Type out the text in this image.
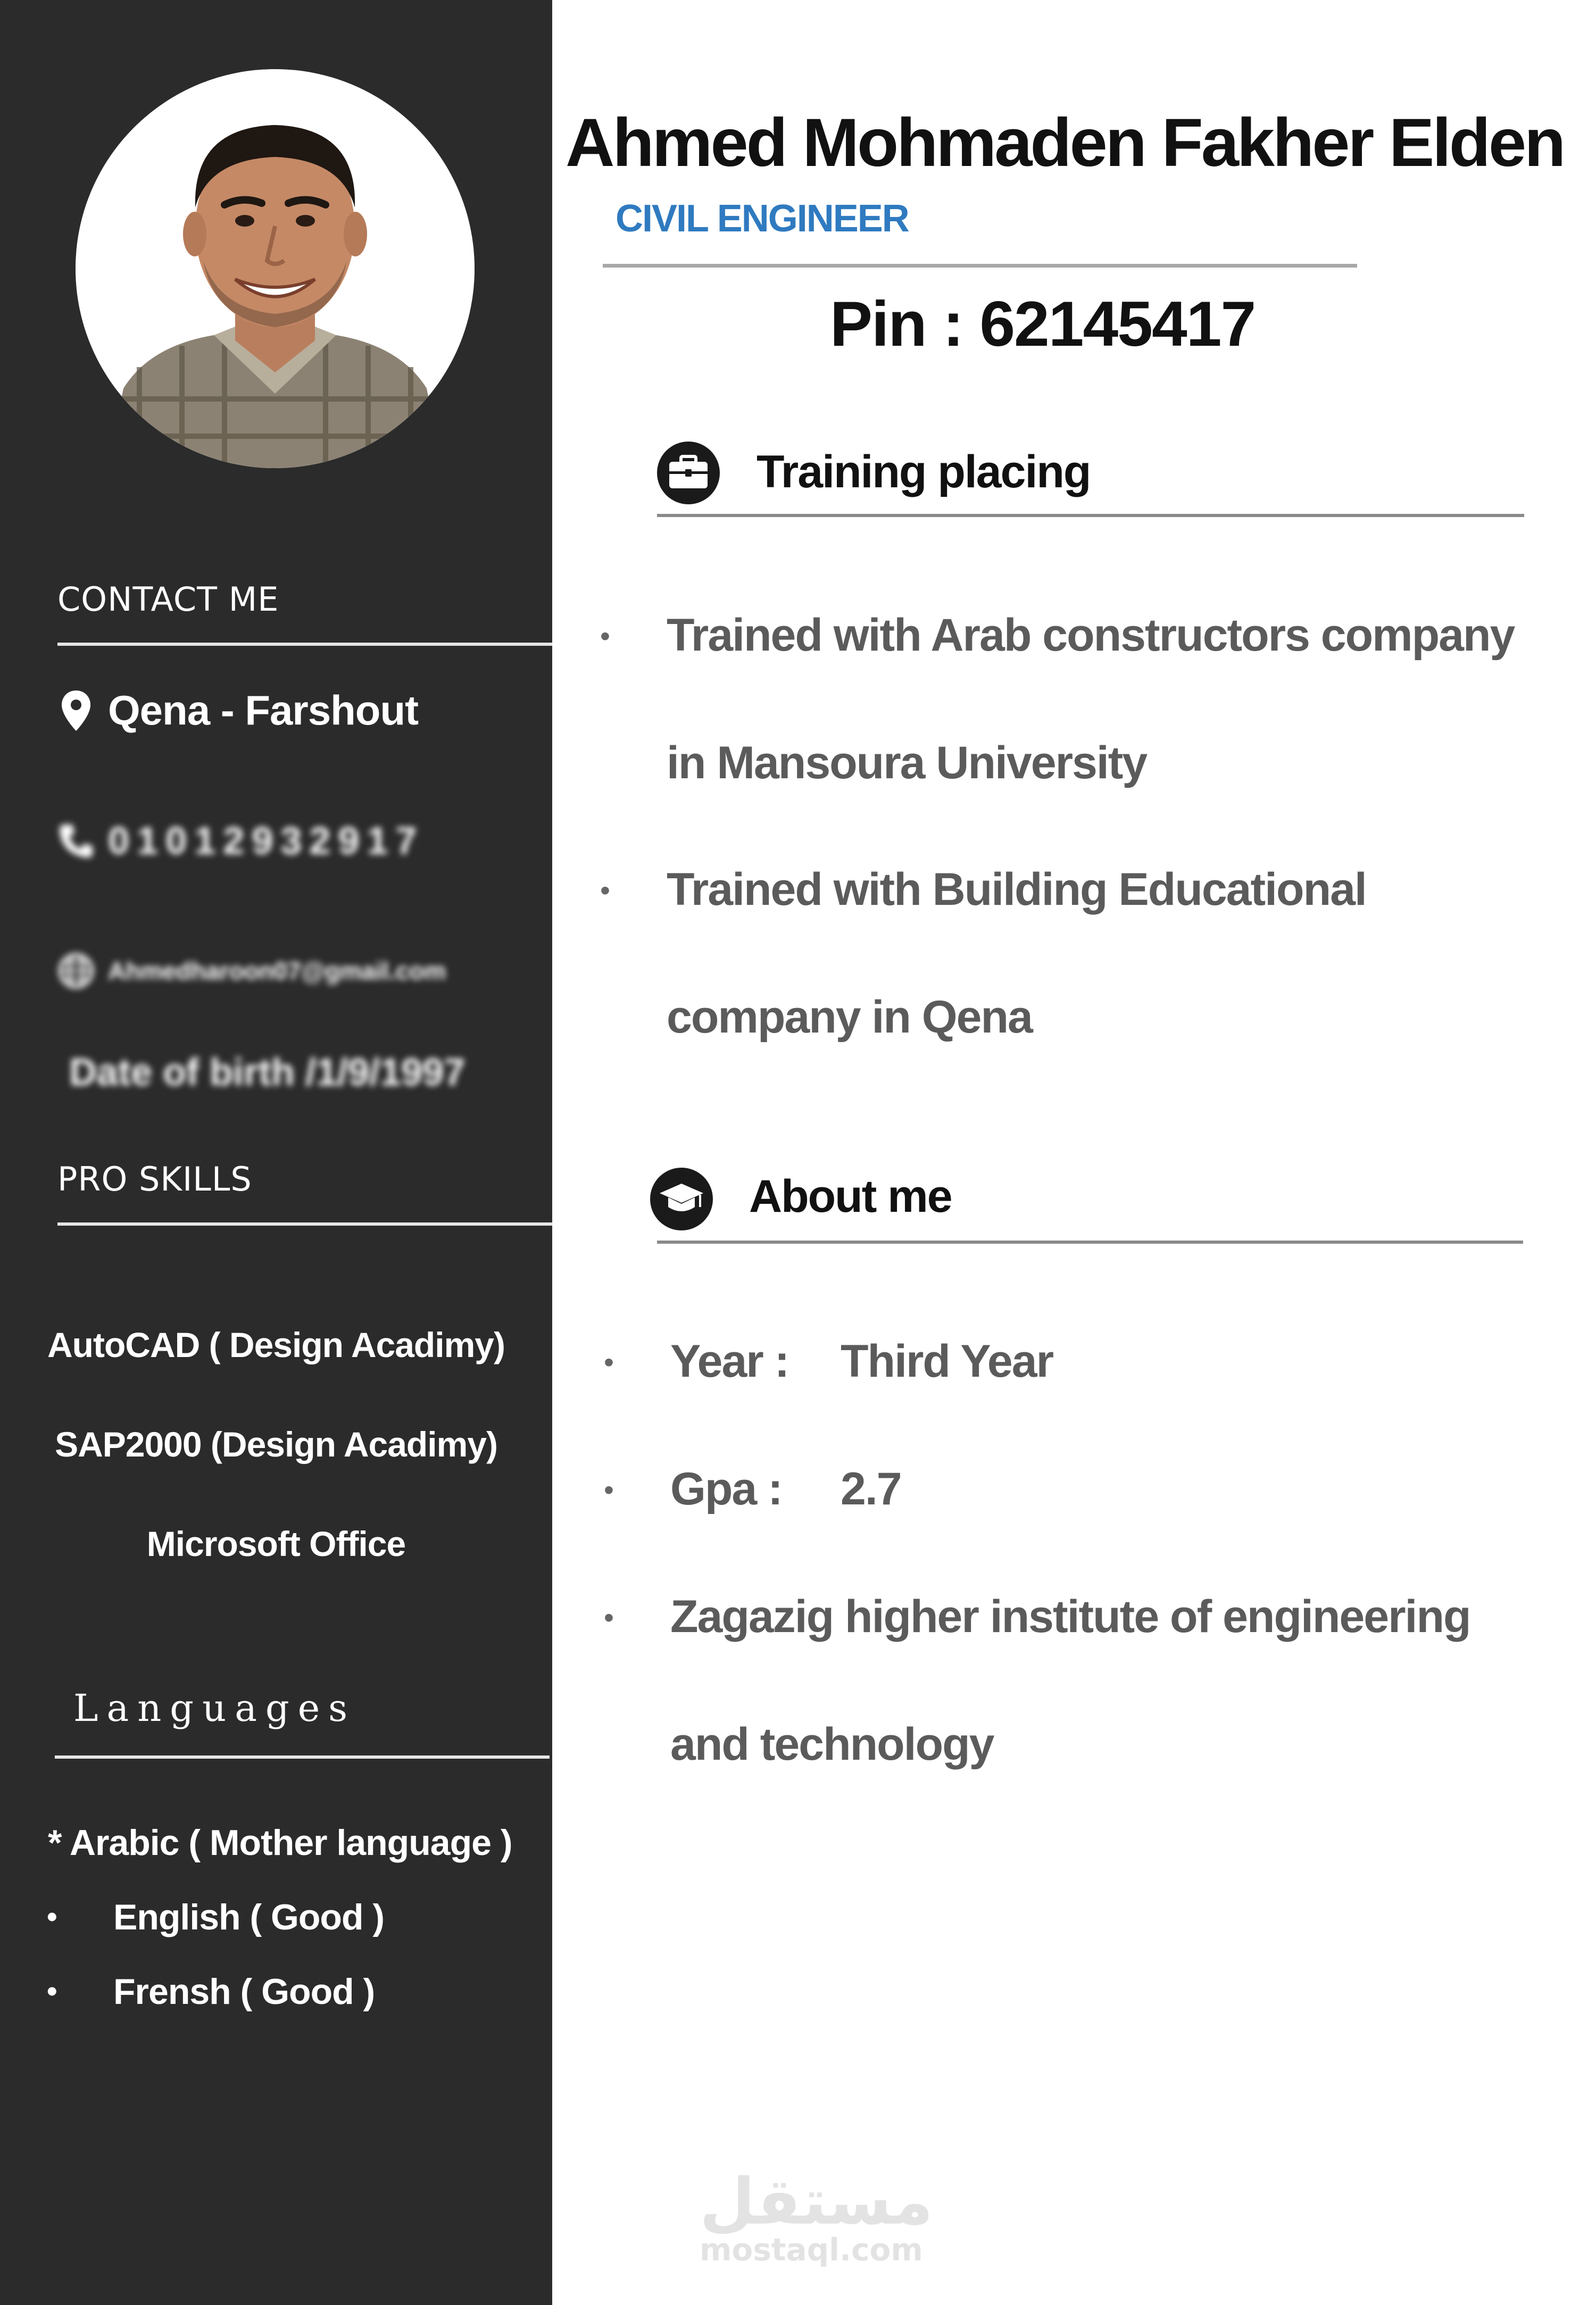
CONTACT ME
Qena - Farshout
01012932917
Ahmedharoon07@gmail.com
Date of birth /1/9/1997
PRO SKILLS
AutoCAD ( Design Acadimy)
SAP2000 (Design Acadimy)
Microsoft Office
Languages
* Arabic ( Mother language )
• English ( Good )
• Frensh ( Good )
Ahmed Mohmaden Fakher Elden
CIVIL ENGINEER
Pin : 62145417
Training placing
• Trained with Arab constructors company
in Mansoura University
• Trained with Building Educational
company in Qena
About me
• Year : Third Year
• Gpa : 2.7
• Zagazig higher institute of engineering
and technology
مستقل
mostaql.com
